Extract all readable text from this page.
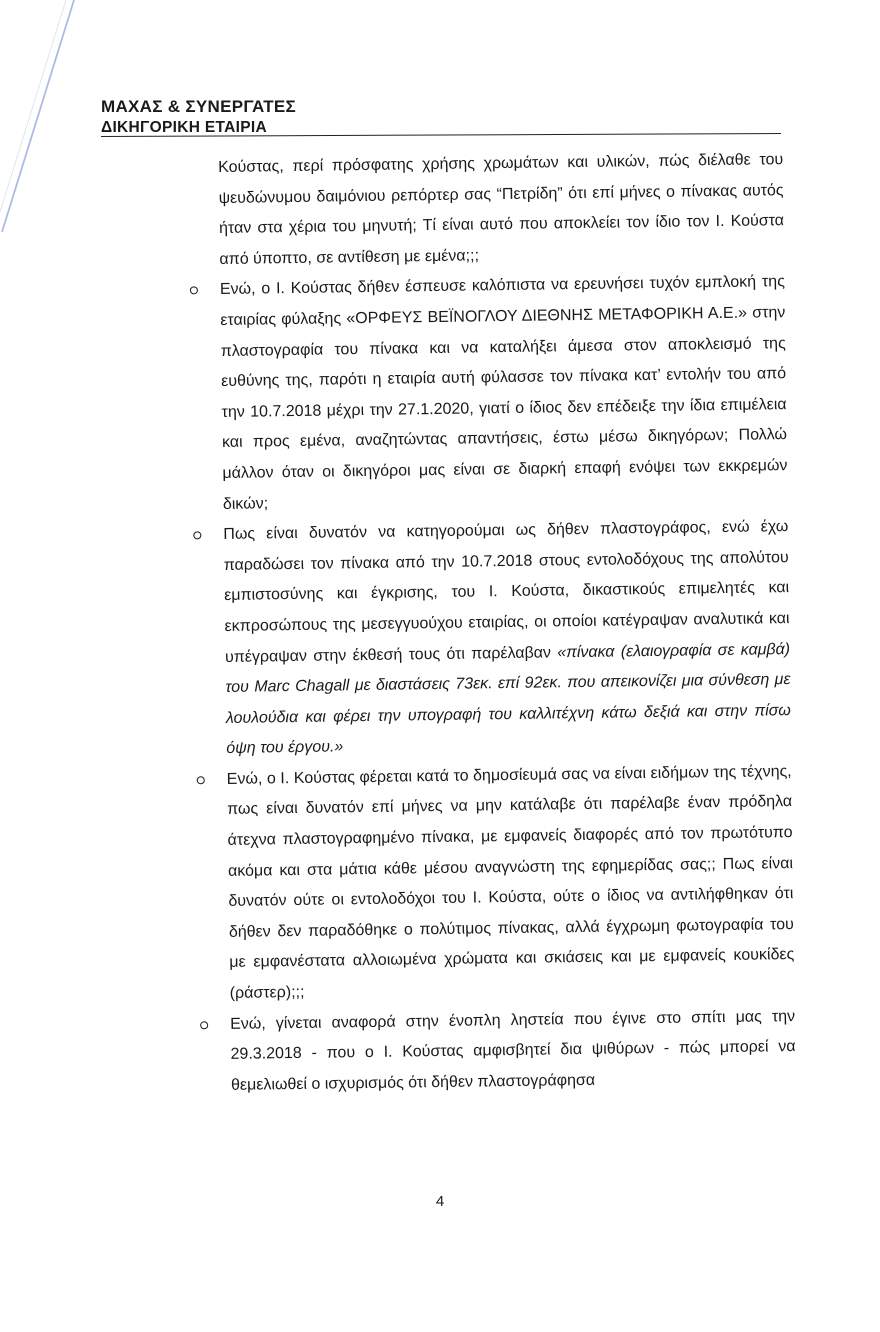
ΜΑΧΑΣ & ΣΥΝΕΡΓΑΤΕΣ
ΔΙΚΗΓΟΡΙΚΗ ΕΤΑΙΡΙΑ

Κούστας, περί πρόσφατης χρήσης χρωμάτων και υλικών, πώς διέλαθε του ψευδώνυμου δαιμόνιου ρεπόρτερ σας “Πετρίδη” ότι επί μήνες ο πίνακας αυτός ήταν στα χέρια του μηνυτή; Τί είναι αυτό που αποκλείει τον ίδιο τον Ι. Κούστα από ύποπτο, σε αντίθεση με εμένα;;;

Ενώ, ο Ι. Κούστας δήθεν έσπευσε καλόπιστα να ερευνήσει τυχόν εμπλοκή της εταιρίας φύλαξης «ΟΡΦΕΥΣ ΒΕΪΝΟΓΛΟΥ ΔΙΕΘΝΗΣ ΜΕΤΑΦΟΡΙΚΗ Α.Ε.» στην πλαστογραφία του πίνακα και να καταλήξει άμεσα στον αποκλεισμό της ευθύνης της, παρότι η εταιρία αυτή φύλασσε τον πίνακα κατ’ εντολήν του από την 10.7.2018 μέχρι την 27.1.2020, γιατί ο ίδιος δεν επέδειξε την ίδια επιμέλεια και προς εμένα, αναζητώντας απαντήσεις, έστω μέσω δικηγόρων; Πολλώ μάλλον όταν οι δικηγόροι μας είναι σε διαρκή επαφή ενόψει των εκκρεμών δικών;

Πως είναι δυνατόν να κατηγορούμαι ως δήθεν πλαστογράφος, ενώ έχω παραδώσει τον πίνακα από την 10.7.2018 στους εντολοδόχους της απολύτου εμπιστοσύνης και έγκρισης, του Ι. Κούστα, δικαστικούς επιμελητές και εκπροσώπους της μεσεγγυούχου εταιρίας, οι οποίοι κατέγραψαν αναλυτικά και υπέγραψαν στην έκθεσή τους ότι παρέλαβαν «πίνακα (ελαιογραφία σε καμβά) του Marc Chagall με διαστάσεις 73εκ. επί 92εκ. που απεικονίζει μια σύνθεση με λουλούδια και φέρει την υπογραφή του καλλιτέχνη κάτω δεξιά και στην πίσω όψη του έργου.»

Ενώ, ο Ι. Κούστας φέρεται κατά το δημοσίευμά σας να είναι ειδήμων της τέχνης, πως είναι δυνατόν επί μήνες να μην κατάλαβε ότι παρέλαβε έναν πρόδηλα άτεχνα πλαστογραφημένο πίνακα, με εμφανείς διαφορές από τον πρωτότυπο ακόμα και στα μάτια κάθε μέσου αναγνώστη της εφημερίδας σας;; Πως είναι δυνατόν ούτε οι εντολοδόχοι του Ι. Κούστα, ούτε ο ίδιος να αντιλήφθηκαν ότι δήθεν δεν παραδόθηκε ο πολύτιμος πίνακας, αλλά έγχρωμη φωτογραφία του με εμφανέστατα αλλοιωμένα χρώματα και σκιάσεις και με εμφανείς κουκίδες (ράστερ);;;

Ενώ, γίνεται αναφορά στην ένοπλη ληστεία που έγινε στο σπίτι μας την 29.3.2018 - που ο Ι. Κούστας αμφισβητεί δια ψιθύρων - πώς μπορεί να θεμελιωθεί ο ισχυρισμός ότι δήθεν πλαστογράφησα

4
